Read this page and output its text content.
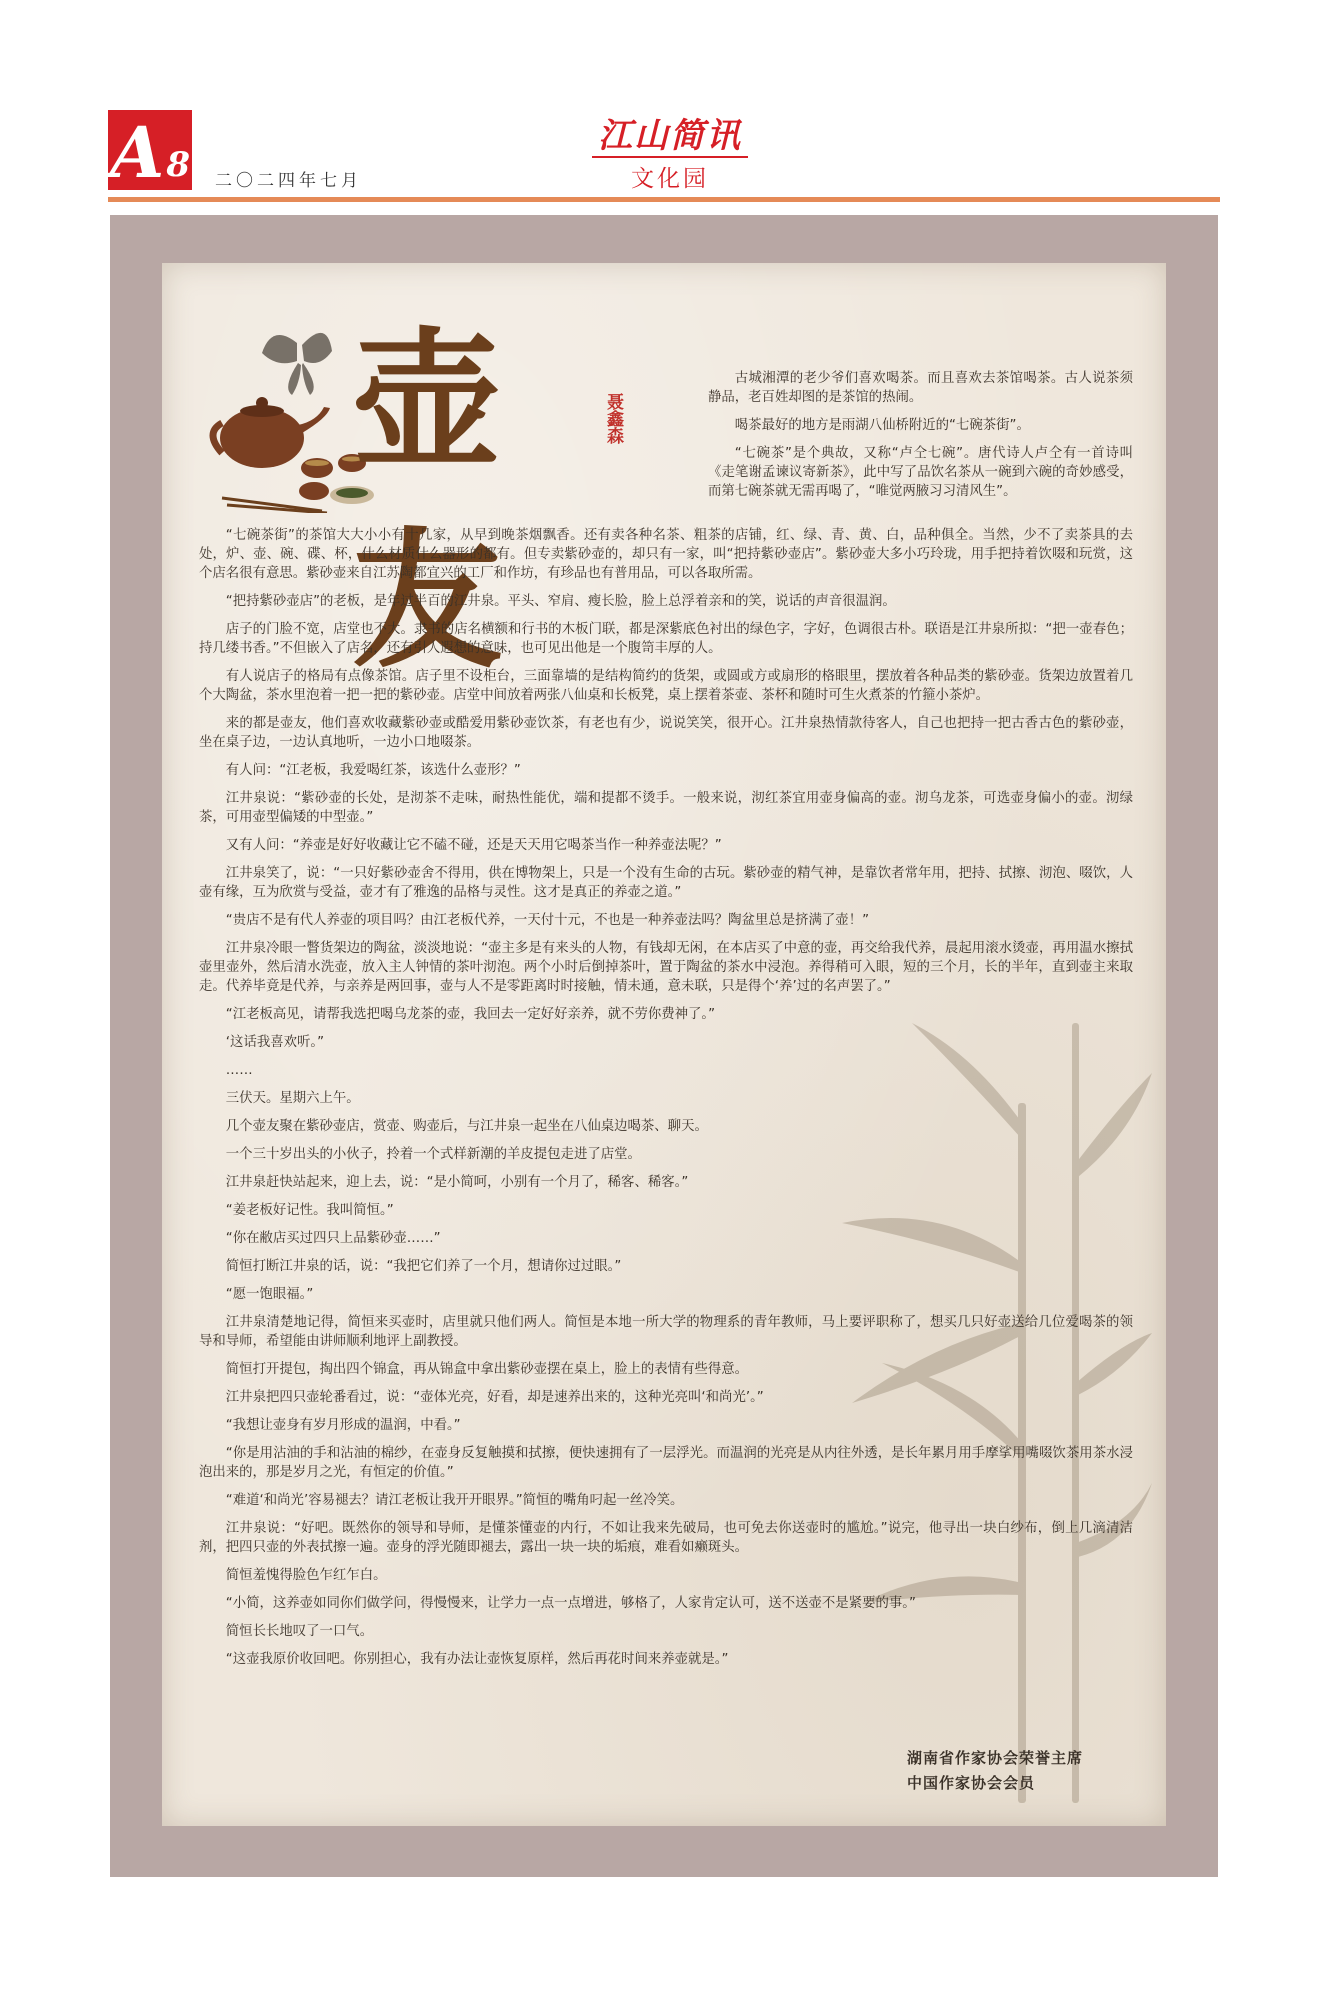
A 8 二〇二四年七月
江山简讯
文化园
壶友
聂鑫森

古城湘潭的老少爷们喜欢喝茶。而且喜欢去茶馆喝茶。古人说茶须静品，老百姓却图的是茶馆的热闹。

喝茶最好的地方是雨湖八仙桥附近的“七碗茶街”。

“七碗茶”是个典故，又称“卢仝七碗”。唐代诗人卢仝有一首诗叫《走笔谢孟谏议寄新茶》，此中写了品饮名茶从一碗到六碗的奇妙感受，而第七碗茶就无需再喝了，“唯觉两腋习习清风生”。

“七碗茶街”的茶馆大大小小有十几家，从早到晚茶烟飘香。还有卖各种名茶、粗茶的店铺，红、绿、青、黄、白，品种俱全。当然，少不了卖茶具的去处，炉、壶、碗、碟、杯，什么材质什么器形的都有。但专卖紫砂壶的，却只有一家，叫“把持紫砂壶店”。紫砂壶大多小巧玲珑，用手把持着饮啜和玩赏，这个店名很有意思。紫砂壶来自江苏陶都宜兴的工厂和作坊，有珍品也有普用品，可以各取所需。

“把持紫砂壶店”的老板，是年过半百的江井泉。平头、窄肩、瘦长脸，脸上总浮着亲和的笑，说话的声音很温润。

店子的门脸不宽，店堂也不大。隶书的店名横额和行书的木板门联，都是深紫底色衬出的绿色字，字好，色调很古朴。联语是江井泉所拟：“把一壶春色；持几缕书香。”不但嵌入了店名，还有引人遐想的意味，也可见出他是一个腹笥丰厚的人。

有人说店子的格局有点像茶馆。店子里不设柜台，三面靠墙的是结构简约的货架，或圆或方或扇形的格眼里，摆放着各种品类的紫砂壶。货架边放置着几个大陶盆，茶水里泡着一把一把的紫砂壶。店堂中间放着两张八仙桌和长板凳，桌上摆着茶壶、茶杯和随时可生火煮茶的竹箍小茶炉。

来的都是壶友，他们喜欢收藏紫砂壶或酷爱用紫砂壶饮茶，有老也有少，说说笑笑，很开心。江井泉热情款待客人，自己也把持一把古香古色的紫砂壶，坐在桌子边，一边认真地听，一边小口地啜茶。

有人问：“江老板，我爱喝红茶，该选什么壶形？”

江井泉说：“紫砂壶的长处，是沏茶不走味，耐热性能优，端和提都不烫手。一般来说，沏红茶宜用壶身偏高的壶。沏乌龙茶，可选壶身偏小的壶。沏绿茶，可用壶型偏矮的中型壶。”

又有人问：“养壶是好好收藏让它不磕不碰，还是天天用它喝茶当作一种养壶法呢？”

江井泉笑了，说：“一只好紫砂壶舍不得用，供在博物架上，只是一个没有生命的古玩。紫砂壶的精气神，是靠饮者常年用，把持、拭擦、沏泡、啜饮，人壶有缘，互为欣赏与受益，壶才有了雅逸的品格与灵性。这才是真正的养壶之道。”

“贵店不是有代人养壶的项目吗？由江老板代养，一天付十元，不也是一种养壶法吗？陶盆里总是挤满了壶！”

江井泉冷眼一瞥货架边的陶盆，淡淡地说：“壶主多是有来头的人物，有钱却无闲，在本店买了中意的壶，再交给我代养，晨起用滚水烫壶，再用温水擦拭壶里壶外，然后清水洗壶，放入主人钟情的茶叶沏泡。两个小时后倒掉茶叶，置于陶盆的茶水中浸泡。养得稍可入眼，短的三个月，长的半年，直到壶主来取走。代养毕竟是代养，与亲养是两回事，壶与人不是零距离时时接触，情未通，意未联，只是得个‘养’过的名声罢了。”

“江老板高见，请帮我选把喝乌龙茶的壶，我回去一定好好亲养，就不劳你费神了。”

‘这话我喜欢听。”

……

三伏天。星期六上午。

几个壶友聚在紫砂壶店，赏壶、购壶后，与江井泉一起坐在八仙桌边喝茶、聊天。

一个三十岁出头的小伙子，拎着一个式样新潮的羊皮提包走进了店堂。

江井泉赶快站起来，迎上去，说：“是小简呵，小别有一个月了，稀客、稀客。”

“姜老板好记性。我叫简恒。”

“你在敝店买过四只上品紫砂壶……”

简恒打断江井泉的话，说：“我把它们养了一个月，想请你过过眼。”

“愿一饱眼福。”

江井泉清楚地记得，简恒来买壶时，店里就只他们两人。简恒是本地一所大学的物理系的青年教师，马上要评职称了，想买几只好壶送给几位爱喝茶的领导和导师，希望能由讲师顺利地评上副教授。

简恒打开提包，掏出四个锦盒，再从锦盒中拿出紫砂壶摆在桌上，脸上的表情有些得意。

江井泉把四只壶轮番看过，说：“壶体光亮，好看，却是速养出来的，这种光亮叫‘和尚光’。”

“我想让壶身有岁月形成的温润，中看。”

“你是用沾油的手和沾油的棉纱，在壶身反复触摸和拭擦，便快速拥有了一层浮光。而温润的光亮是从内往外透，是长年累月用手摩挲用嘴啜饮茶用茶水浸泡出来的，那是岁月之光，有恒定的价值。”

“难道‘和尚光’容易褪去？请江老板让我开开眼界。”简恒的嘴角叼起一丝冷笑。

江井泉说：“好吧。既然你的领导和导师，是懂茶懂壶的内行，不如让我来先破局，也可免去你送壶时的尴尬。”说完，他寻出一块白纱布，倒上几滴清洁剂，把四只壶的外表拭擦一遍。壶身的浮光随即褪去，露出一块一块的垢痕，难看如癞斑头。

简恒羞愧得脸色乍红乍白。

“小简，这养壶如同你们做学问，得慢慢来，让学力一点一点增进，够格了，人家肯定认可，送不送壶不是紧要的事。”

简恒长长地叹了一口气。

“这壶我原价收回吧。你别担心，我有办法让壶恢复原样，然后再花时间来养壶就是。”

湖南省作家协会荣誉主席

中国作家协会会员
